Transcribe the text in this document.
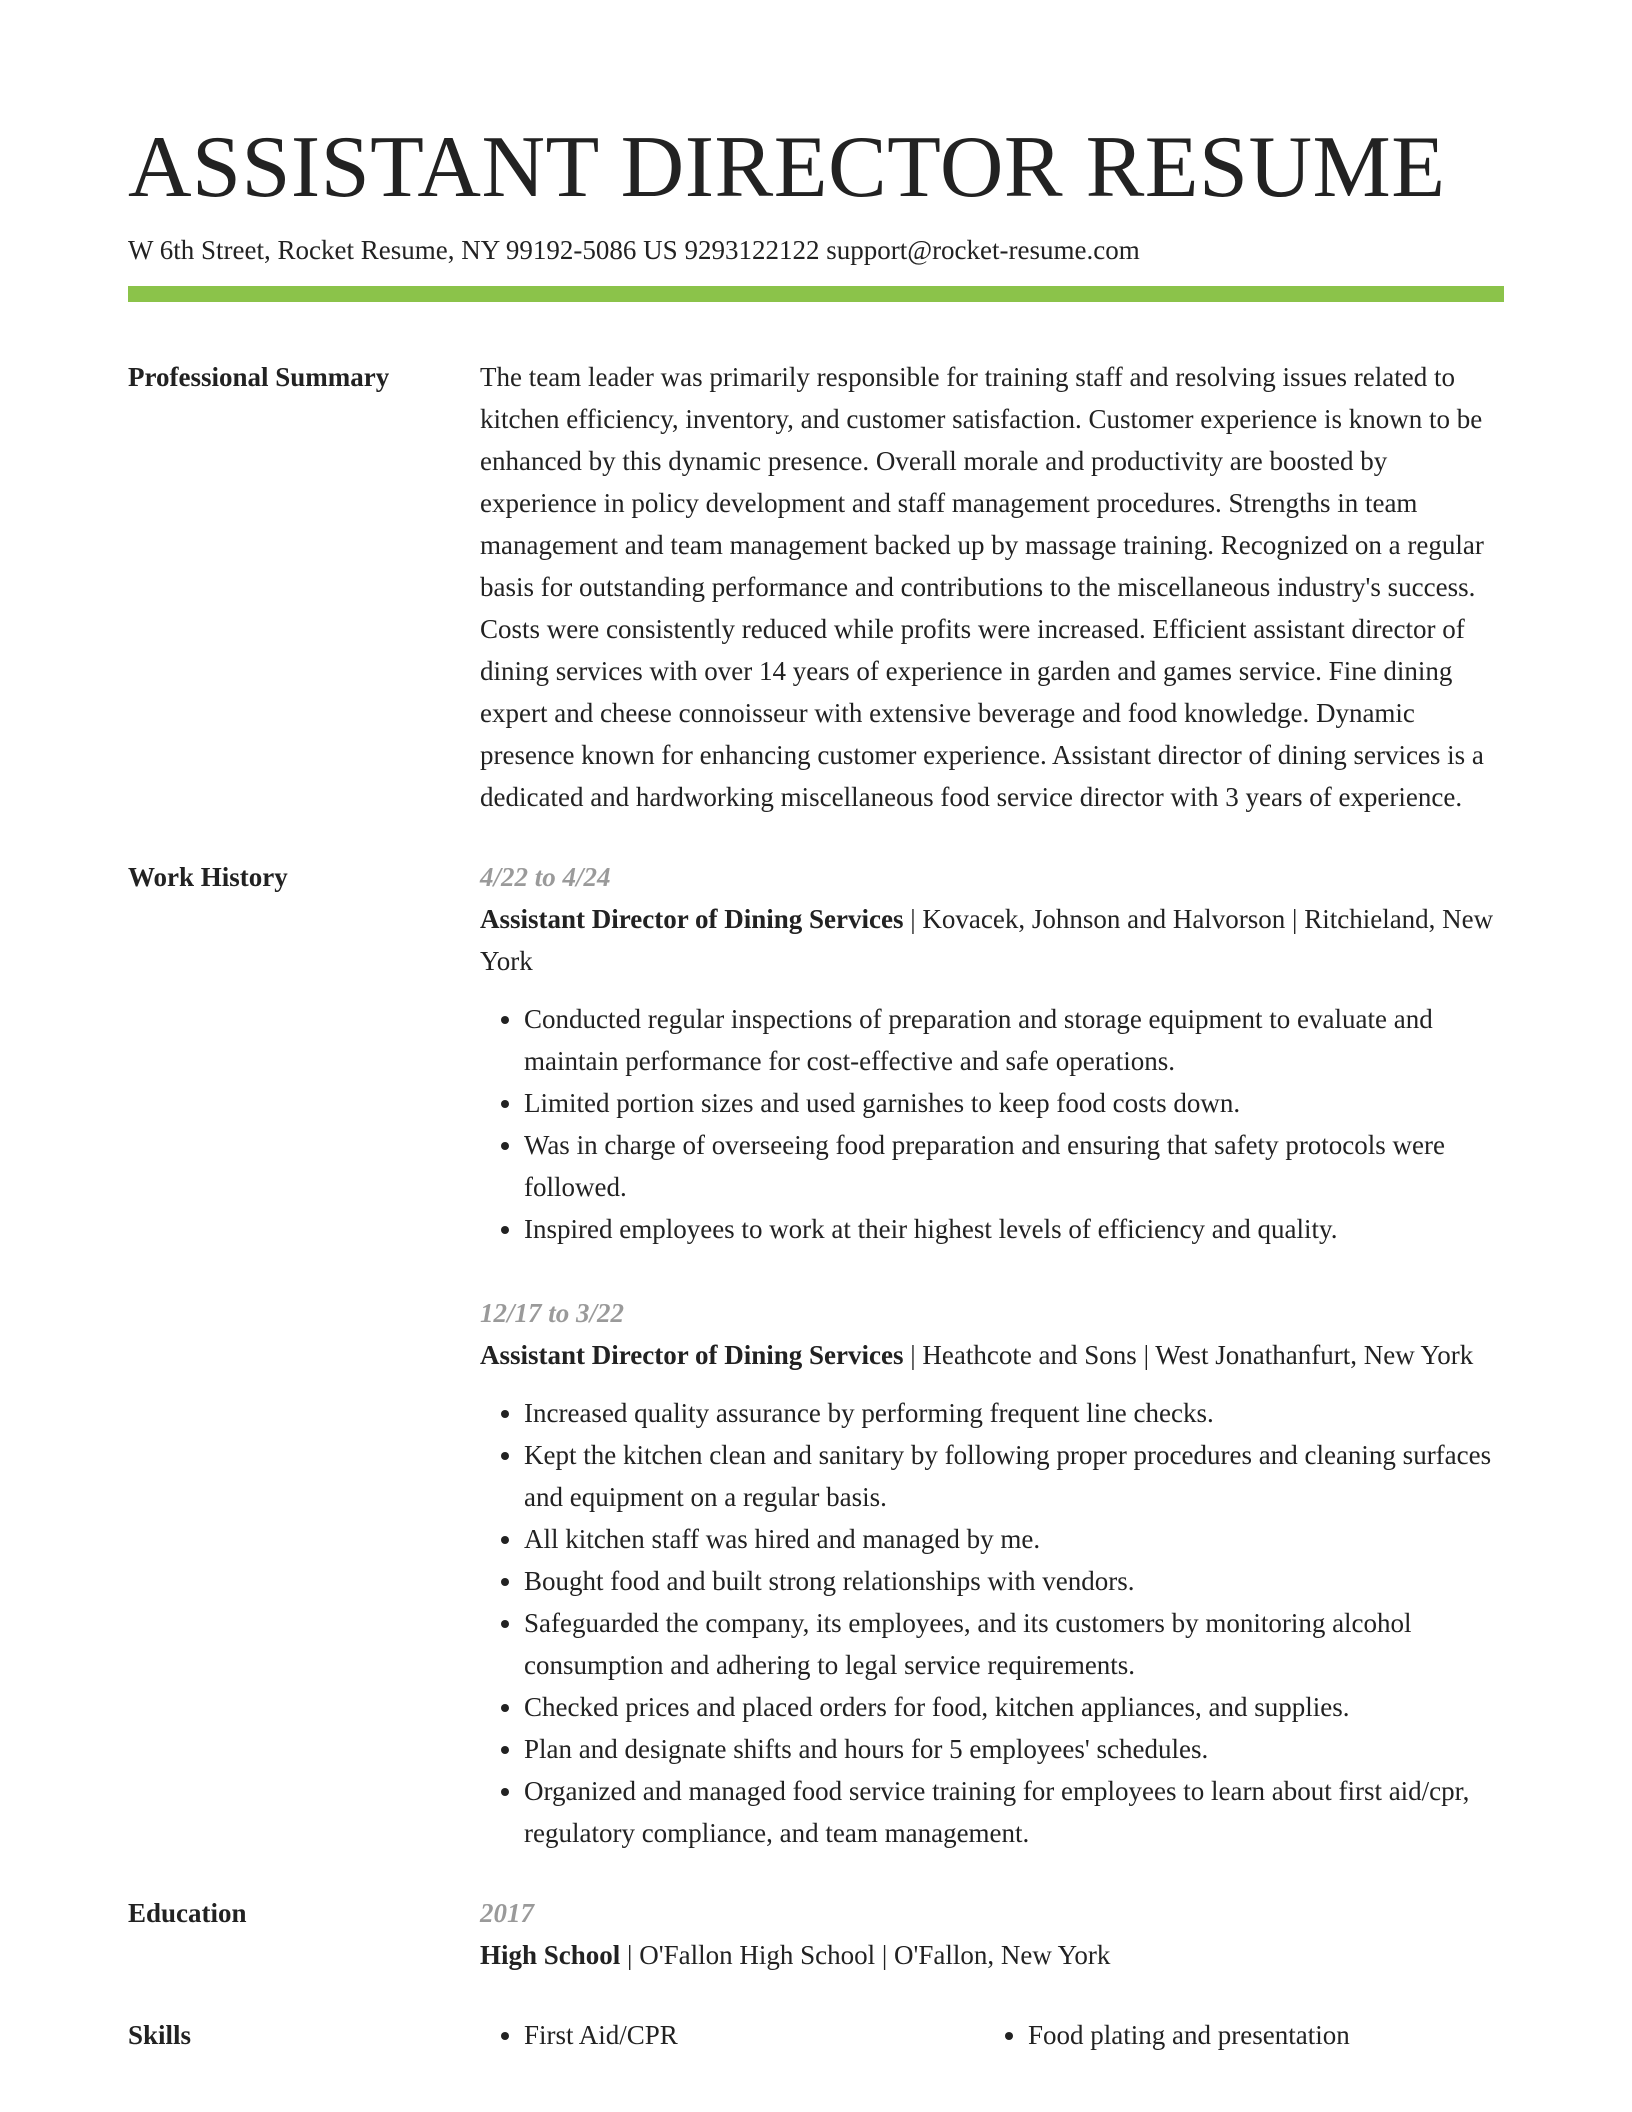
ASSISTANT DIRECTOR RESUME
W 6th Street, Rocket Resume, NY 99192-5086 US 9293122122 support@rocket-resume.com
Professional Summary	The team leader was primarily responsible for training staff and resolving issues related to kitchen efficiency, inventory, and customer satisfaction. Customer experience is known to be enhanced by this dynamic presence. Overall morale and productivity are boosted by experience in policy development and staff management procedures. Strengths in team management and team management backed up by massage training. Recognized on a regular basis for outstanding performance and contributions to the miscellaneous industry's success. Costs were consistently reduced while profits were increased. Efficient assistant director of dining services with over 14 years of experience in garden and games service. Fine dining expert and cheese connoisseur with extensive beverage and food knowledge. Dynamic presence known for enhancing customer experience. Assistant director of dining services is a dedicated and hardworking miscellaneous food service director with 3 years of experience.

Work History	4/22 to 4/24
Assistant Director of Dining Services | Kovacek, Johnson and Halvorson | Ritchieland, New York
• Conducted regular inspections of preparation and storage equipment to evaluate and maintain performance for cost-effective and safe operations.
• Limited portion sizes and used garnishes to keep food costs down.
• Was in charge of overseeing food preparation and ensuring that safety protocols were followed.
• Inspired employees to work at their highest levels of efficiency and quality.
12/17 to 3/22
Assistant Director of Dining Services | Heathcote and Sons | West Jonathanfurt, New York
• Increased quality assurance by performing frequent line checks.
• Kept the kitchen clean and sanitary by following proper procedures and cleaning surfaces and equipment on a regular basis.
• All kitchen staff was hired and managed by me.
• Bought food and built strong relationships with vendors.
• Safeguarded the company, its employees, and its customers by monitoring alcohol consumption and adhering to legal service requirements.
• Checked prices and placed orders for food, kitchen appliances, and supplies.
• Plan and designate shifts and hours for 5 employees' schedules.
• Organized and managed food service training for employees to learn about first aid/cpr, regulatory compliance, and team management.
Education	2017
High School | O'Fallon High School | O'Fallon, New York
Skills	• First Aid/CPR	• Food plating and presentation
